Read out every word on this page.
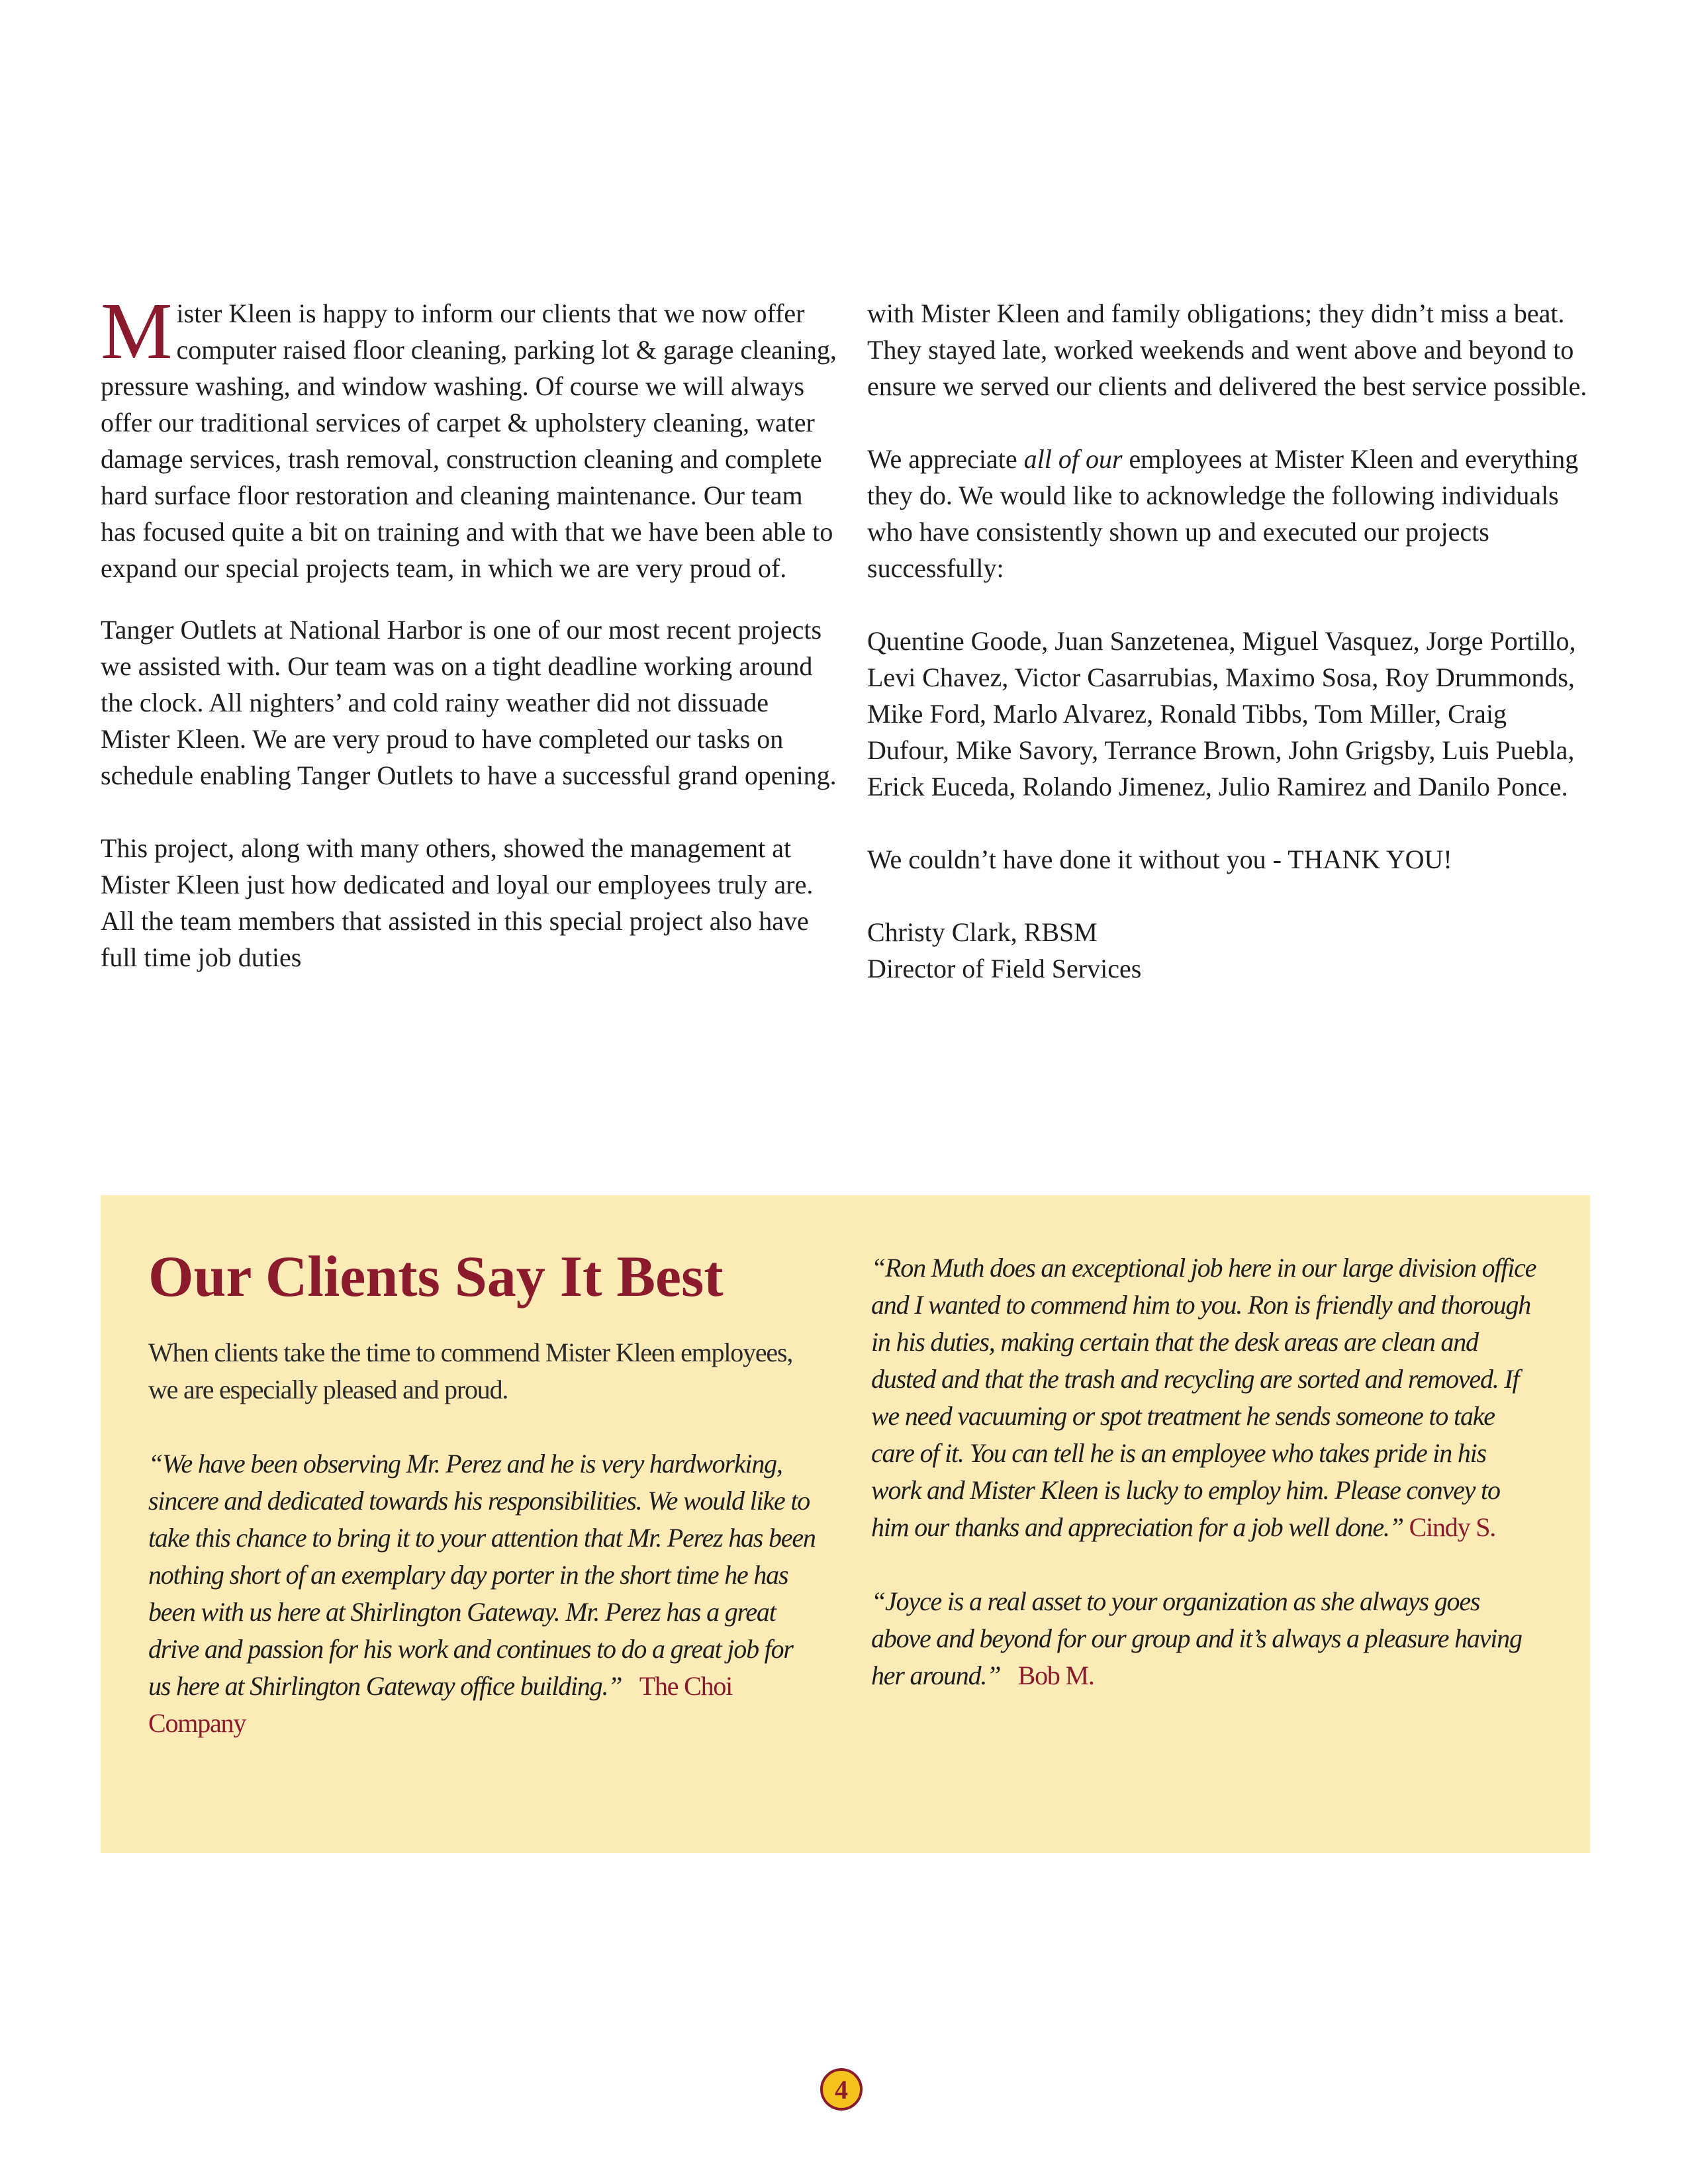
Mister Kleen is happy to inform our clients that we now offer computer raised floor cleaning, parking lot & garage cleaning, pressure washing, and window washing. Of course we will always offer our traditional services of carpet & upholstery cleaning, water damage services, trash removal, construction cleaning and complete hard surface floor restoration and cleaning maintenance. Our team has focused quite a bit on training and with that we have been able to expand our special projects team, in which we are very proud of.

Tanger Outlets at National Harbor is one of our most recent projects we assisted with. Our team was on a tight deadline working around the clock. All nighters’ and cold rainy weather did not dissuade Mister Kleen. We are very proud to have completed our tasks on schedule enabling Tanger Outlets to have a successful grand opening.

This project, along with many others, showed the management at Mister Kleen just how dedicated and loyal our employees truly are. All the team members that assisted in this special project also have full time job duties

with Mister Kleen and family obligations; they didn’t miss a beat. They stayed late, worked weekends and went above and beyond to ensure we served our clients and delivered the best service possible.

We appreciate all of our employees at Mister Kleen and everything they do. We would like to acknowledge the following individuals who have consistently shown up and executed our projects successfully:

Quentine Goode, Juan Sanzetenea, Miguel Vasquez, Jorge Portillo, Levi Chavez, Victor Casarrubias, Maximo Sosa, Roy Drummonds, Mike Ford, Marlo Alvarez, Ronald Tibbs, Tom Miller, Craig Dufour, Mike Savory, Terrance Brown, John Grigsby, Luis Puebla, Erick Euceda, Rolando Jimenez, Julio Ramirez and Danilo Ponce.

We couldn’t have done it without you - THANK YOU!

Christy Clark, RBSM

Director of Field Services

Our Clients Say It Best

When clients take the time to commend Mister Kleen employees, we are especially pleased and proud.

“We have been observing Mr. Perez and he is very hardworking, sincere and dedicated towards his responsibilities. We would like to take this chance to bring it to your attention that Mr. Perez has been nothing short of an exemplary day porter in the short time he has been with us here at Shirlington Gateway. Mr. Perez has a great drive and passion for his work and continues to do a great job for us here at Shirlington Gateway office building.” The Choi Company

“Ron Muth does an exceptional job here in our large division office and I wanted to commend him to you. Ron is friendly and thorough in his duties, making certain that the desk areas are clean and dusted and that the trash and recycling are sorted and removed. If we need vacuuming or spot treatment he sends someone to take care of it. You can tell he is an employee who takes pride in his work and Mister Kleen is lucky to employ him. Please convey to him our thanks and appreciation for a job well done.” Cindy S.

“Joyce is a real asset to your organization as she always goes above and beyond for our group and it’s always a pleasure having her around.” Bob M.

4
